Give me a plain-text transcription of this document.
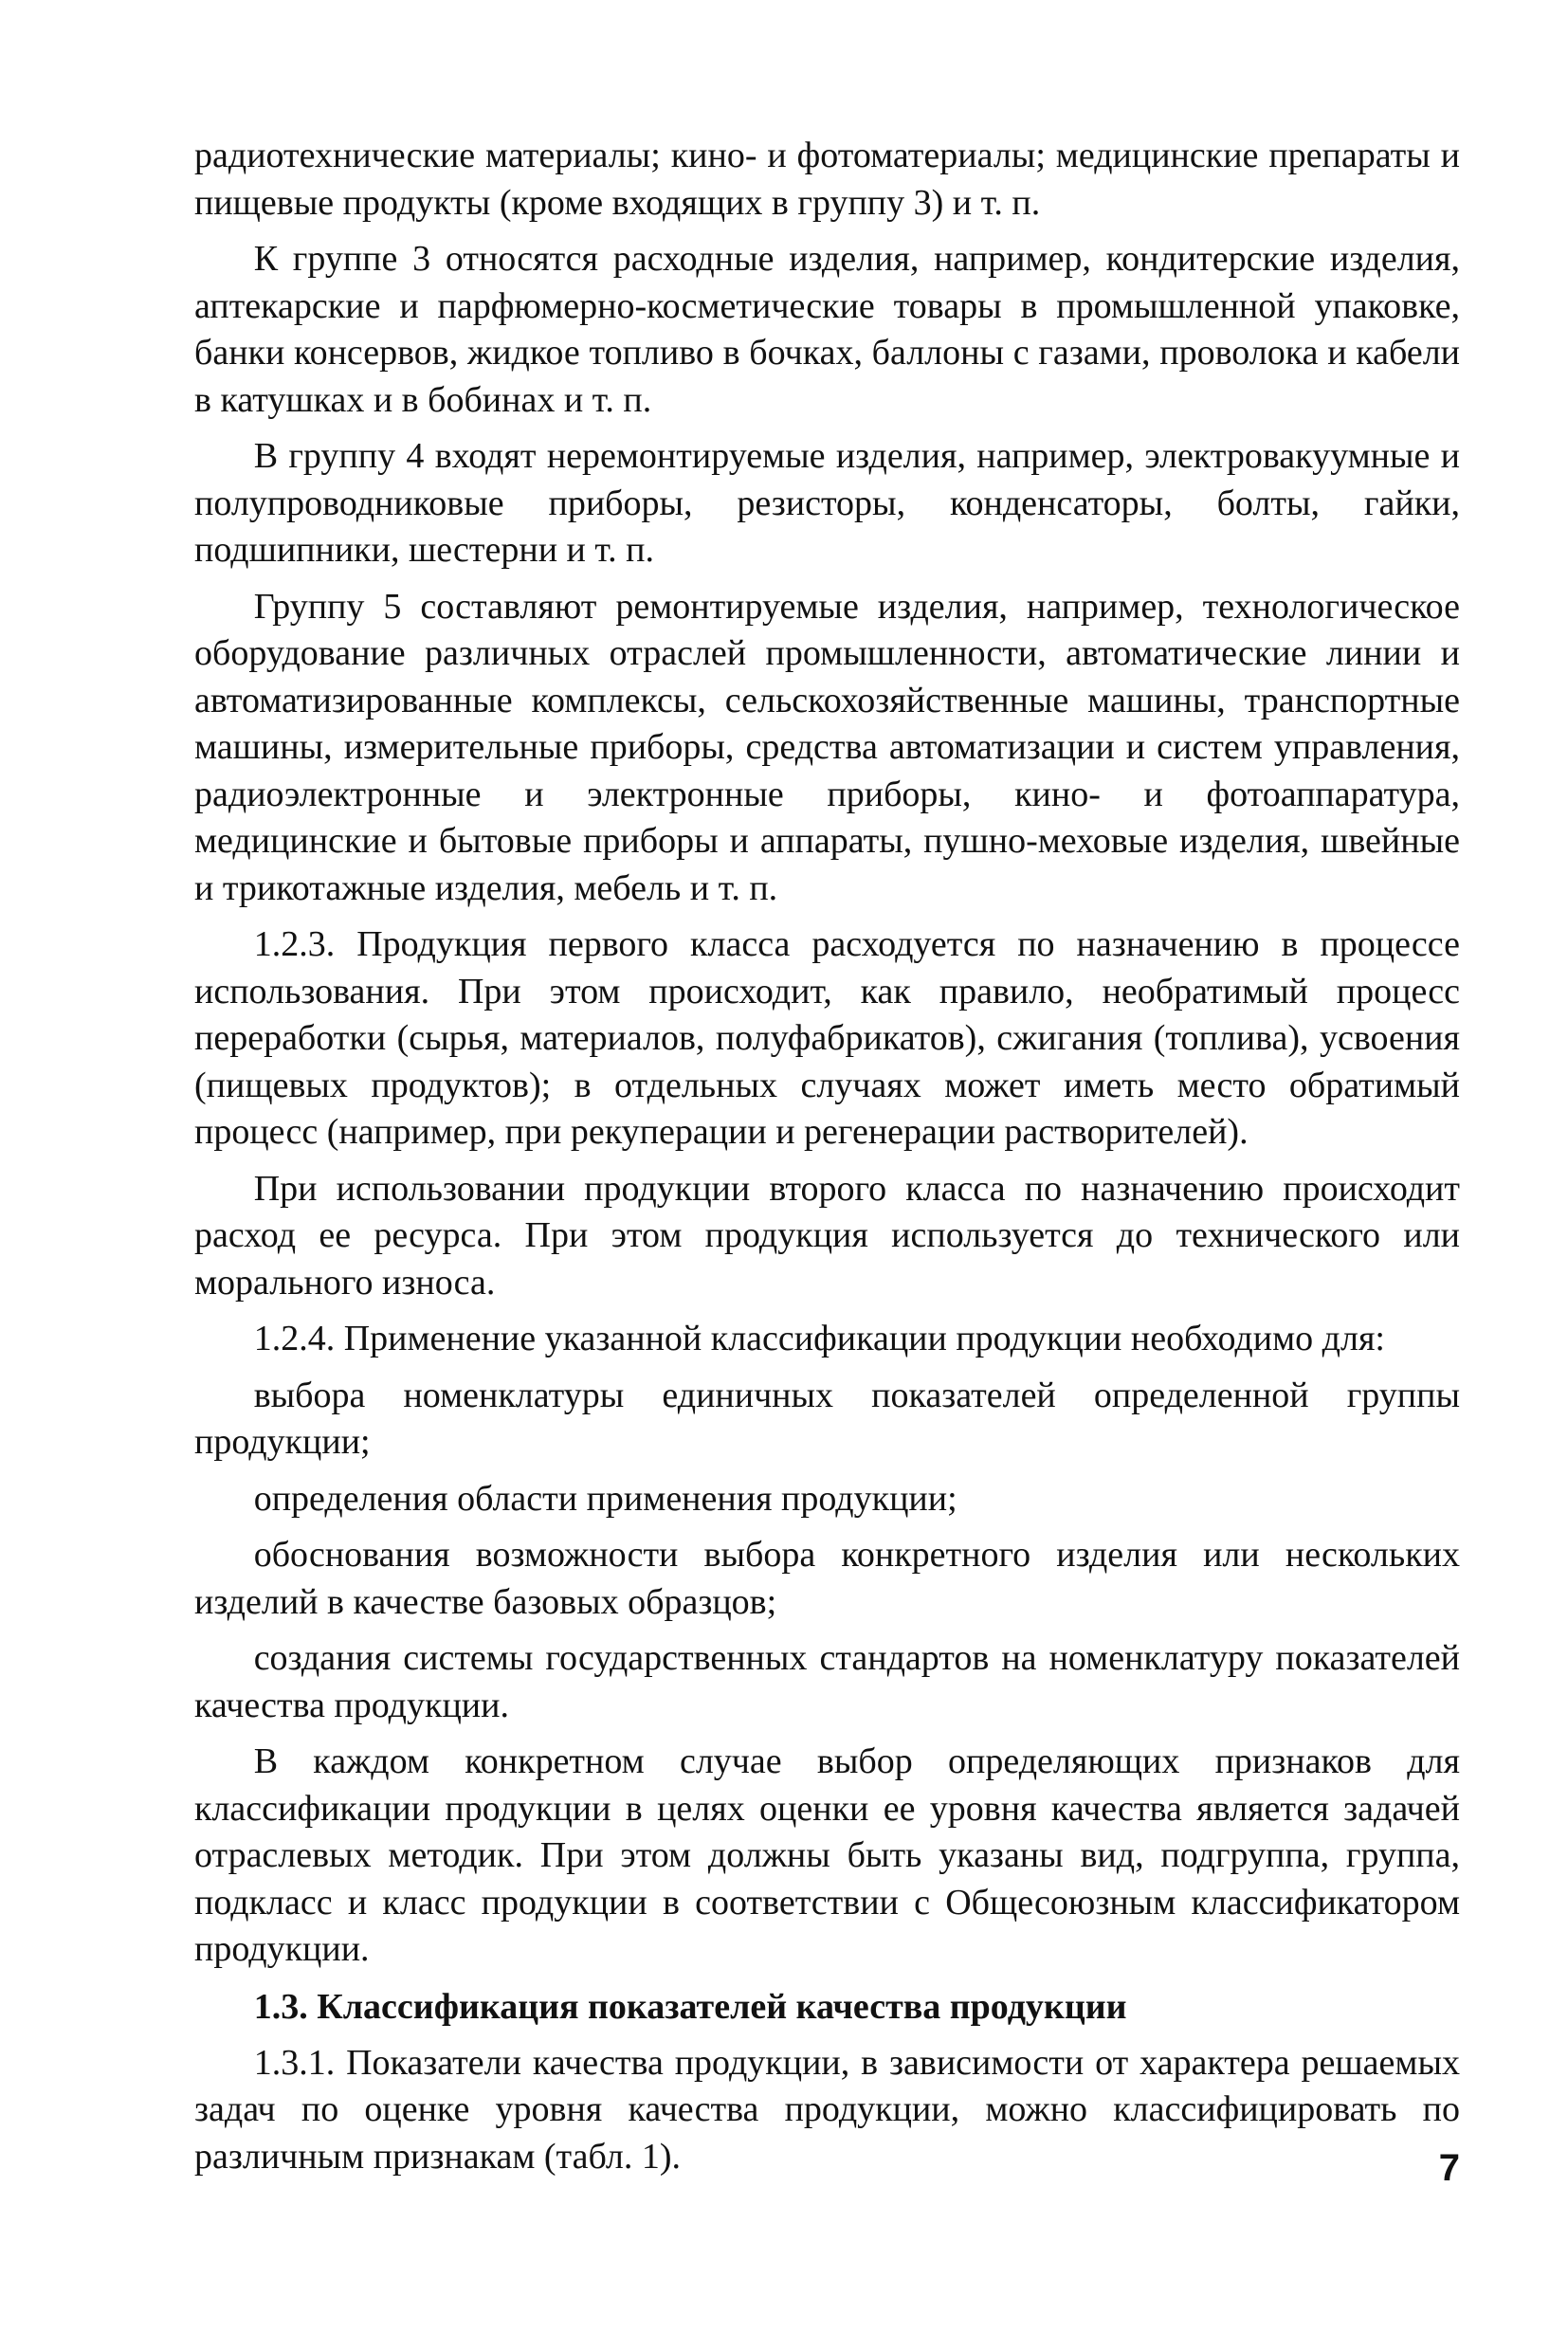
радиотехнические материалы; кино- и фотоматериалы; медицинские препараты и пищевые продукты (кроме входящих в группу 3) и т. п.

К группе 3 относятся расходные изделия, например, кондитерские изделия, аптекарские и парфюмерно-косметические товары в промышленной упаковке, банки консервов, жидкое топливо в бочках, баллоны с газами, проволока и кабели в катушках и в бобинах и т. п.

В группу 4 входят неремонтируемые изделия, например, электровакуумные и полупроводниковые приборы, резисторы, конденсаторы, болты, гайки, подшипники, шестерни и т. п.

Группу 5 составляют ремонтируемые изделия, например, технологическое оборудование различных отраслей промышленности, автоматические линии и автоматизированные комплексы, сельскохозяйственные машины, транспортные машины, измерительные приборы, средства автоматизации и систем управления, радиоэлектронные и электронные приборы, кино- и фотоаппаратура, медицинские и бытовые приборы и аппараты, пушно-меховые изделия, швейные и трикотажные изделия, мебель и т. п.

1.2.3. Продукция первого класса расходуется по назначению в процессе использования. При этом происходит, как правило, необратимый процесс переработки (сырья, материалов, полуфабрикатов), сжигания (топлива), усвоения (пищевых продуктов); в отдельных случаях может иметь место обратимый процесс (например, при рекуперации и регенерации растворителей).

При использовании продукции второго класса по назначению происходит расход ее ресурса. При этом продукция используется до технического или морального износа.

1.2.4. Применение указанной классификации продукции необходимо для:

выбора номенклатуры единичных показателей определенной группы продукции;

определения области применения продукции;

обоснования возможности выбора конкретного изделия или нескольких изделий в качестве базовых образцов;

создания системы государственных стандартов на номенклатуру показателей качества продукции.

В каждом конкретном случае выбор определяющих признаков для классификации продукции в целях оценки ее уровня качества является задачей отраслевых методик. При этом должны быть указаны вид, подгруппа, группа, подкласс и класс продукции в соответствии с Общесоюзным классификатором продукции.

1.3. Классификация показателей качества продукции

1.3.1. Показатели качества продукции, в зависимости от характера решаемых задач по оценке уровня качества продукции, можно классифицировать по различным признакам (табл. 1).	7
